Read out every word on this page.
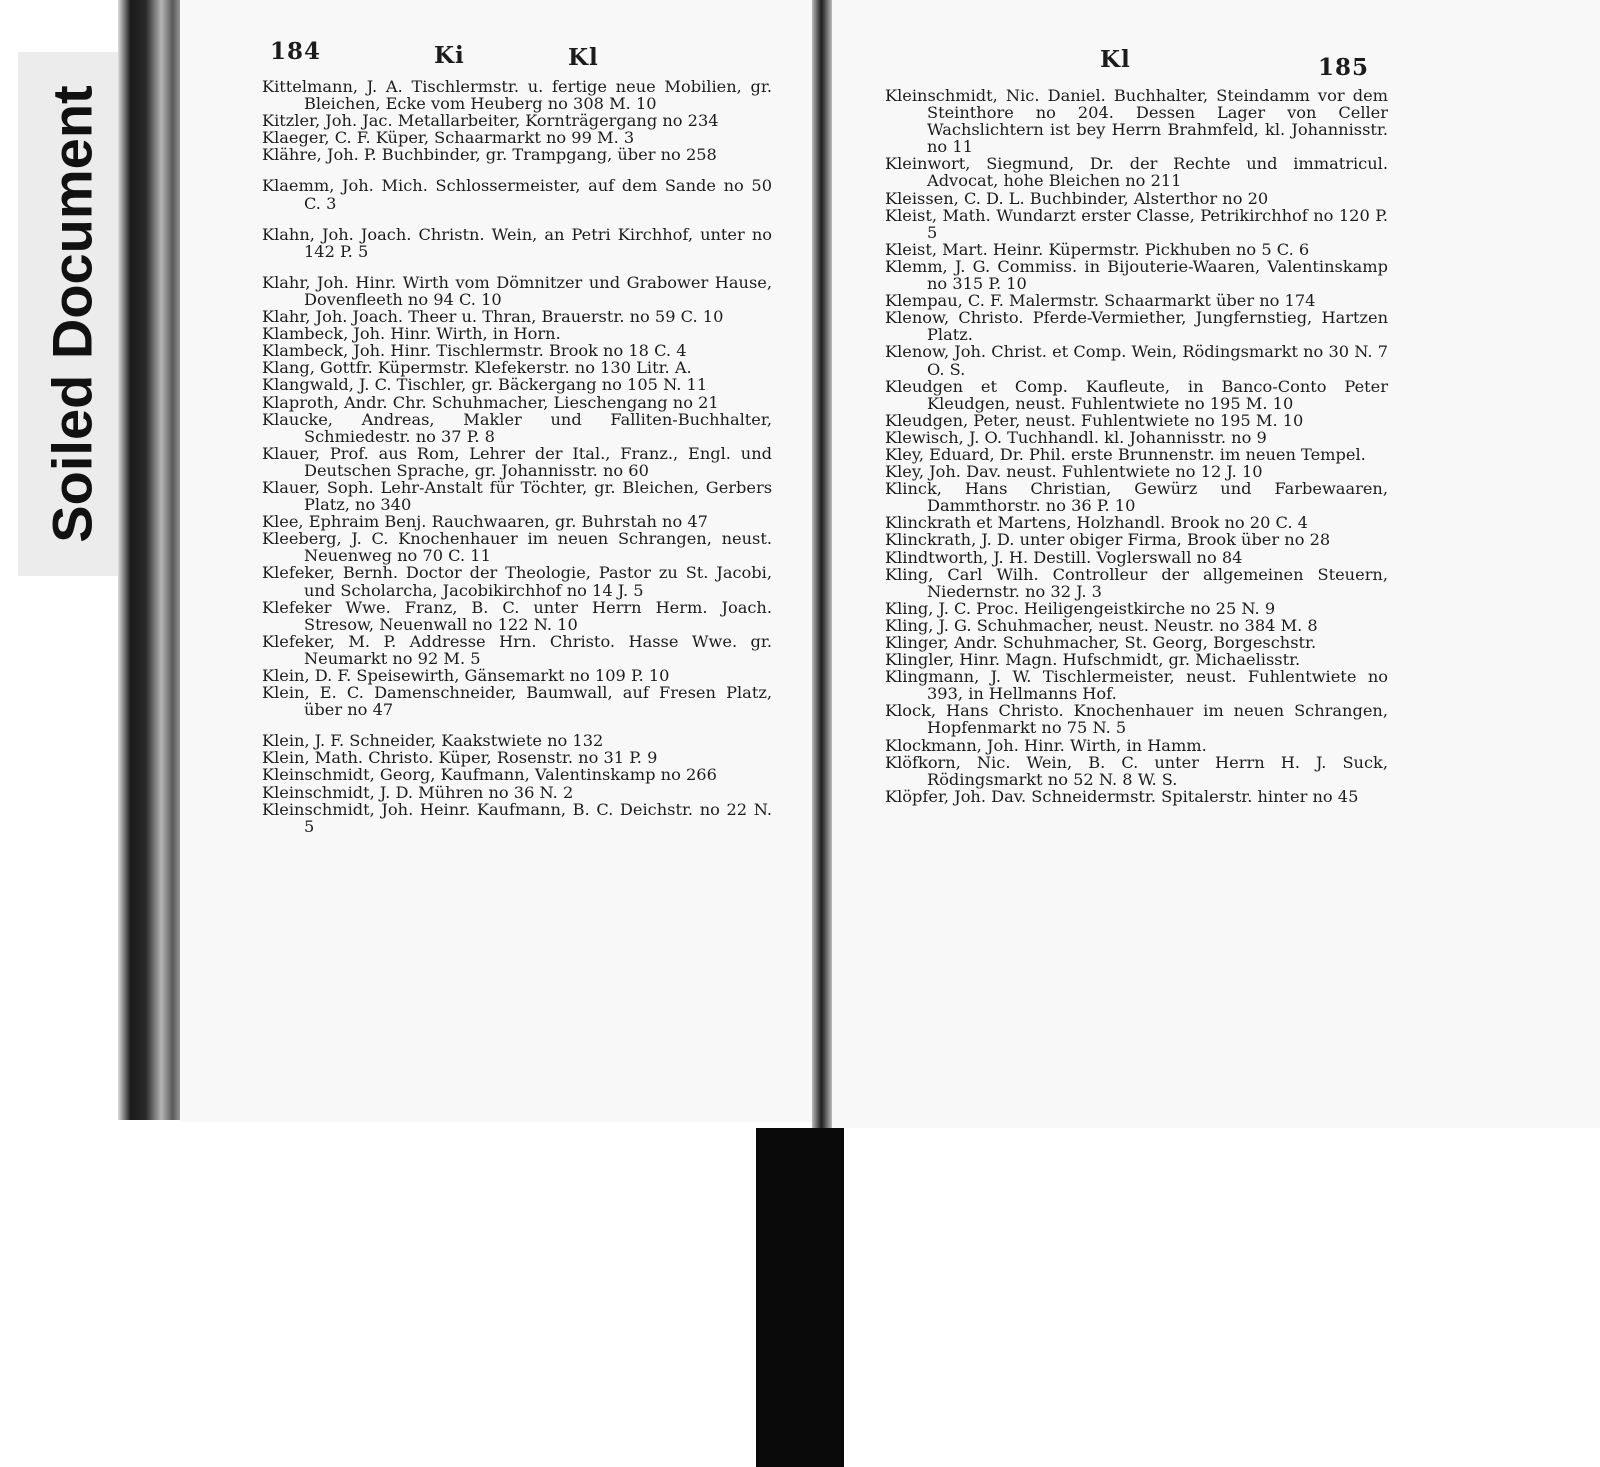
Soiled Document
184	Ki	Kl	Kl	185
Kittelmann, J. A. Tischlermstr. u. fertige neue Mobilien, gr. Bleichen, Ecke vom Heuberg no 308 M. 10
Kitzler, Joh. Jac. Metallarbeiter, Kornträgergang no 234
Klaeger, C. F. Küper, Schaarmarkt no 99 M. 3
Klähre, Joh. P. Buchbinder, gr. Trampgang, über no 258
Klaemm, Joh. Mich. Schlossermeister, auf dem Sande no 50 C. 3
Klahn, Joh. Joach. Christn. Wein, an Petri Kirchhof, unter no 142 P. 5
Klahr, Joh. Hinr. Wirth vom Dömnitzer und Grabower Hause, Dovenfleeth no 94 C. 10
Klahr, Joh. Joach. Theer u. Thran, Brauerstr. no 59 C. 10
Klambeck, Joh. Hinr. Wirth, in Horn.
Klambeck, Joh. Hinr. Tischlermstr. Brook no 18 C. 4
Klang, Gottfr. Küpermstr. Klefekerstr. no 130 Litr. A.
Klangwald, J. C. Tischler, gr. Bäckergang no 105 N. 11
Klaproth, Andr. Chr. Schuhmacher, Lieschengang no 21
Klaucke, Andreas, Makler und Falliten-Buchhalter, Schmiedestr. no 37 P. 8
Klauer, Prof. aus Rom, Lehrer der Ital., Franz., Engl. und Deutschen Sprache, gr. Johannisstr. no 60
Klauer, Soph. Lehr-Anstalt für Töchter, gr. Bleichen, Gerbers Platz, no 340
Klee, Ephraim Benj. Rauchwaaren, gr. Buhrstah no 47
Kleeberg, J. C. Knochenhauer im neuen Schrangen, neust. Neuenweg no 70 C. 11
Klefeker, Bernh. Doctor der Theologie, Pastor zu St. Jacobi, und Scholarcha, Jacobikirchhof no 14 J. 5
Klefeker Wwe. Franz, B. C. unter Herrn Herm. Joach. Stresow, Neuenwall no 122 N. 10
Klefeker, M. P. Addresse Hrn. Christo. Hasse Wwe. gr. Neumarkt no 92 M. 5
Klein, D. F. Speisewirth, Gänsemarkt no 109 P. 10
Klein, E. C. Damenschneider, Baumwall, auf Fresen Platz, über no 47
Klein, J. F. Schneider, Kaakstwiete no 132
Klein, Math. Christo. Küper, Rosenstr. no 31 P. 9
Kleinschmidt, Georg, Kaufmann, Valentinskamp no 266
Kleinschmidt, J. D. Mühren no 36 N. 2
Kleinschmidt, Joh. Heinr. Kaufmann, B. C. Deichstr. no 22 N. 5
Kleinschmidt, Nic. Daniel. Buchhalter, Steindamm vor dem Steinthore no 204. Dessen Lager von Celler Wachslichtern ist bey Herrn Brahmfeld, kl. Johannisstr. no 11
Kleinwort, Siegmund, Dr. der Rechte und immatricul. Advocat, hohe Bleichen no 211
Kleissen, C. D. L. Buchbinder, Alsterthor no 20
Kleist, Math. Wundarzt erster Classe, Petrikirchhof no 120 P. 5
Kleist, Mart. Heinr. Küpermstr. Pickhuben no 5 C. 6
Klemm, J. G. Commiss. in Bijouterie-Waaren, Valentinskamp no 315 P. 10
Klempau, C. F. Malermstr. Schaarmarkt über no 174
Klenow, Christo. Pferde-Vermiether, Jungfernstieg, Hartzen Platz.
Klenow, Joh. Christ. et Comp. Wein, Rödingsmarkt no 30 N. 7 O. S.
Kleudgen et Comp. Kaufleute, in Banco-Conto Peter Kleudgen, neust. Fuhlentwiete no 195 M. 10
Kleudgen, Peter, neust. Fuhlentwiete no 195 M. 10
Klewisch, J. O. Tuchhandl. kl. Johannisstr. no 9
Kley, Eduard, Dr. Phil. erste Brunnenstr. im neuen Tempel.
Kley, Joh. Dav. neust. Fuhlentwiete no 12 J. 10
Klinck, Hans Christian, Gewürz und Farbewaaren, Dammthorstr. no 36 P. 10
Klinckrath et Martens, Holzhandl. Brook no 20 C. 4
Klinckrath, J. D. unter obiger Firma, Brook über no 28
Klindtworth, J. H. Destill. Voglerswall no 84
Kling, Carl Wilh. Controlleur der allgemeinen Steuern, Niedernstr. no 32 J. 3
Kling, J. C. Proc. Heiligengeistkirche no 25 N. 9
Kling, J. G. Schuhmacher, neust. Neustr. no 384 M. 8
Klinger, Andr. Schuhmacher, St. Georg, Borgeschstr.
Klingler, Hinr. Magn. Hufschmidt, gr. Michaelisstr.
Klingmann, J. W. Tischlermeister, neust. Fuhlentwiete no 393, in Hellmanns Hof.
Klock, Hans Christo. Knochenhauer im neuen Schrangen, Hopfenmarkt no 75 N. 5
Klockmann, Joh. Hinr. Wirth, in Hamm.
Klöfkorn, Nic. Wein, B. C. unter Herrn H. J. Suck, Rödingsmarkt no 52 N. 8 W. S.
Klöpfer, Joh. Dav. Schneidermstr. Spitalerstr. hinter no 45
